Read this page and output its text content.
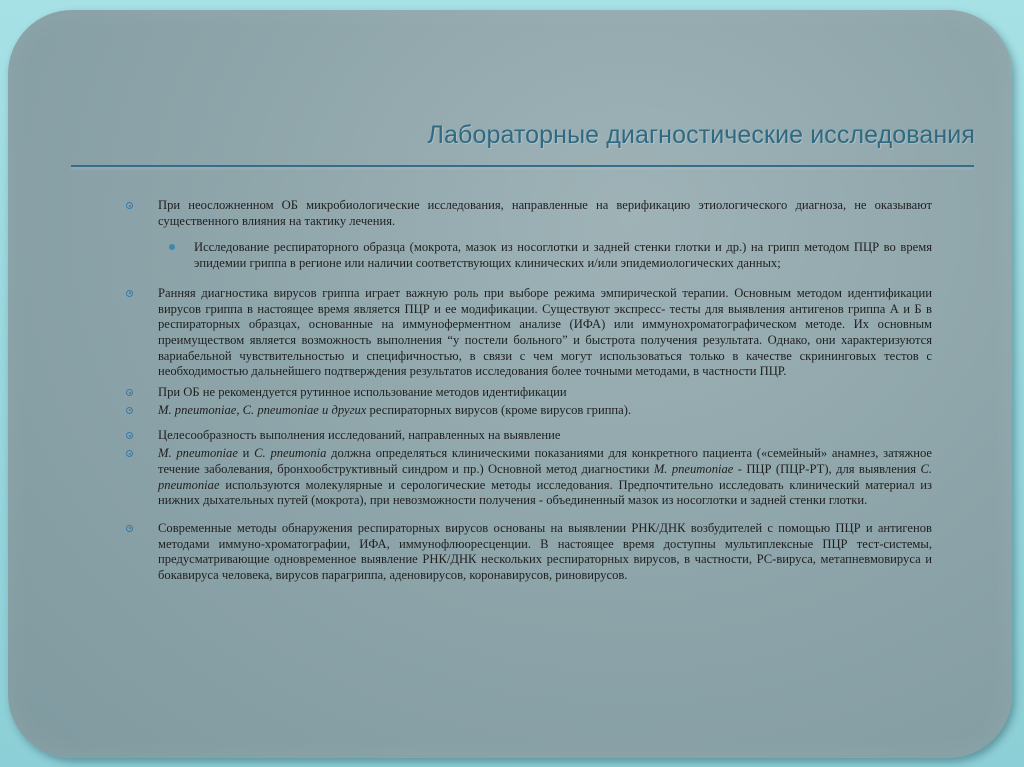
Лабораторные диагностические исследования
При неосложненном ОБ микробиологические исследования, направленные на верификацию этиологического диагноза, не оказывают существенного влияния на тактику лечения.
Исследование респираторного образца (мокрота, мазок из носоглотки и задней стенки глотки и др.) на грипп методом ПЦР во время эпидемии гриппа в регионе или наличии соответствующих клинических и/или эпидемиологических данных;
Ранняя диагностика вирусов гриппа играет важную роль при выборе режима эмпирической терапии. Основным методом идентификации вирусов гриппа в настоящее время является ПЦР и ее модификации. Существуют экспресс- тесты для выявления антигенов гриппа А и Б в респираторных образцах, основанные на иммуноферментном анализе (ИФА) или иммунохроматографическом методе. Их основным преимуществом является возможность выполнения “у постели больного” и быстрота получения результата. Однако, они характеризуются вариабельной чувствительностью и специфичностью, в связи с чем могут использоваться только в качестве скрининговых тестов с необходимостью дальнейшего подтверждения результатов исследования более точными методами, в частности ПЦР.
При ОБ не рекомендуется рутинное использование методов идентификации
M. pneumoniae, C. pneumoniae и других респираторных вирусов (кроме вирусов гриппа).
Целесообразность выполнения исследований, направленных на выявление
M. pneumoniae и C. pneumonia должна определяться клиническими показаниями для конкретного пациента («семейный» анамнез, затяжное течение заболевания, бронхообструктивный синдром и пр.) Основной метод диагностики M. pneumoniae - ПЦР (ПЦР-РТ), для выявления C. pneumoniae используются молекулярные и серологические методы исследования. Предпочтительно исследовать клинический материал из нижних дыхательных путей (мокрота), при невозможности получения - объединенный мазок из носоглотки и задней стенки глотки.
Современные методы обнаружения респираторных вирусов основаны на выявлении РНК/ДНК возбудителей с помощью ПЦР и антигенов методами иммуно-хроматографии, ИФА, иммунофлюоресценции. В настоящее время доступны мультиплексные ПЦР тест-системы, предусматривающие одновременное выявление РНК/ДНК нескольких респираторных вирусов, в частности, РС-вируса, метапневмовируса и бокавируса человека, вирусов парагриппа, аденовирусов, коронавирусов, риновирусов.
